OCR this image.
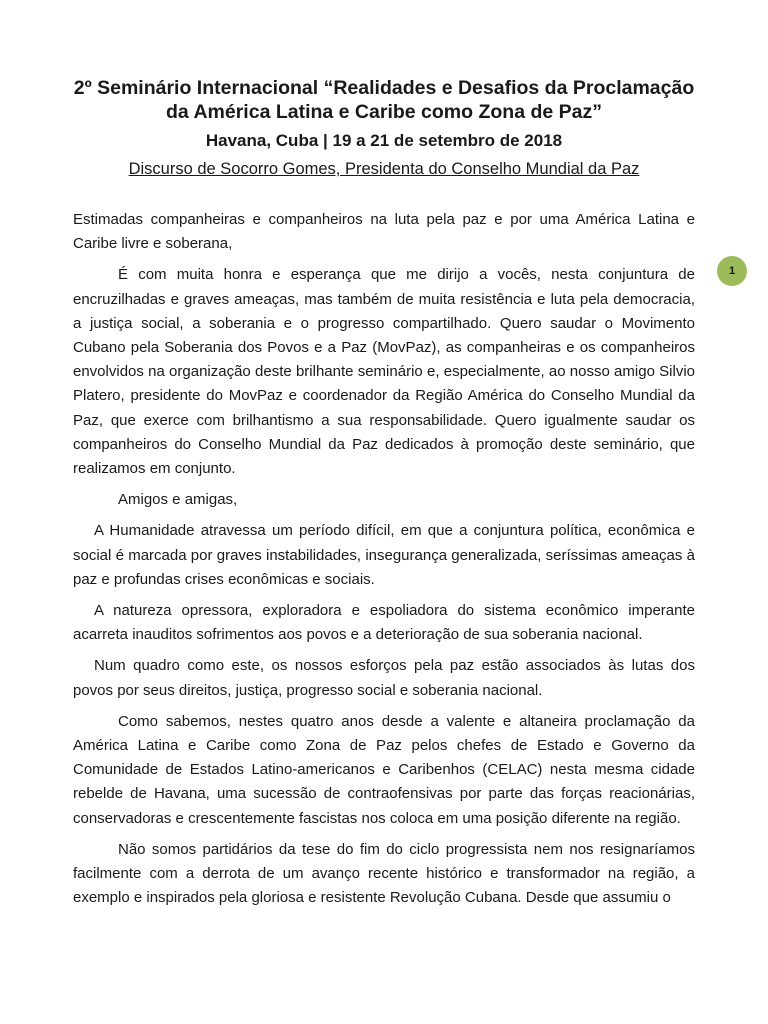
2º Seminário Internacional “Realidades e Desafios da Proclamação da América Latina e Caribe como Zona de Paz”

Havana, Cuba | 19 a 21 de setembro de 2018

Discurso de Socorro Gomes, Presidenta do Conselho Mundial da Paz

1

Estimadas companheiras e companheiros na luta pela paz e por uma América Latina e Caribe livre e soberana,

É com muita honra e esperança que me dirijo a vocês, nesta conjuntura de encruzilhadas e graves ameaças, mas também de muita resistência e luta pela democracia, a justiça social, a soberania e o progresso compartilhado. Quero saudar o Movimento Cubano pela Soberania dos Povos e a Paz (MovPaz), as companheiras e os companheiros envolvidos na organização deste brilhante seminário e, especialmente, ao nosso amigo Silvio Platero, presidente do MovPaz e coordenador da Região América do Conselho Mundial da Paz, que exerce com brilhantismo a sua responsabilidade. Quero igualmente saudar os companheiros do Conselho Mundial da Paz dedicados à promoção deste seminário, que realizamos em conjunto.

Amigos e amigas,

A Humanidade atravessa um período difícil, em que a conjuntura política, econômica e social é marcada por graves instabilidades, insegurança generalizada, seríssimas ameaças à paz e profundas crises econômicas e sociais.

A natureza opressora, exploradora e espoliadora do sistema econômico imperante acarreta inauditos sofrimentos aos povos e a deterioração de sua soberania nacional.

Num quadro como este, os nossos esforços pela paz estão associados às lutas dos povos por seus direitos, justiça, progresso social e soberania nacional.

Como sabemos, nestes quatro anos desde a valente e altaneira proclamação da América Latina e Caribe como Zona de Paz pelos chefes de Estado e Governo da Comunidade de Estados Latino-americanos e Caribenhos (CELAC) nesta mesma cidade rebelde de Havana, uma sucessão de contraofensivas por parte das forças reacionárias, conservadoras e crescentemente fascistas nos coloca em uma posição diferente na região.

Não somos partidários da tese do fim do ciclo progressista nem nos resignaríamos facilmente com a derrota de um avanço recente histórico e transformador na região, a exemplo e inspirados pela gloriosa e resistente Revolução Cubana. Desde que assumiu o
